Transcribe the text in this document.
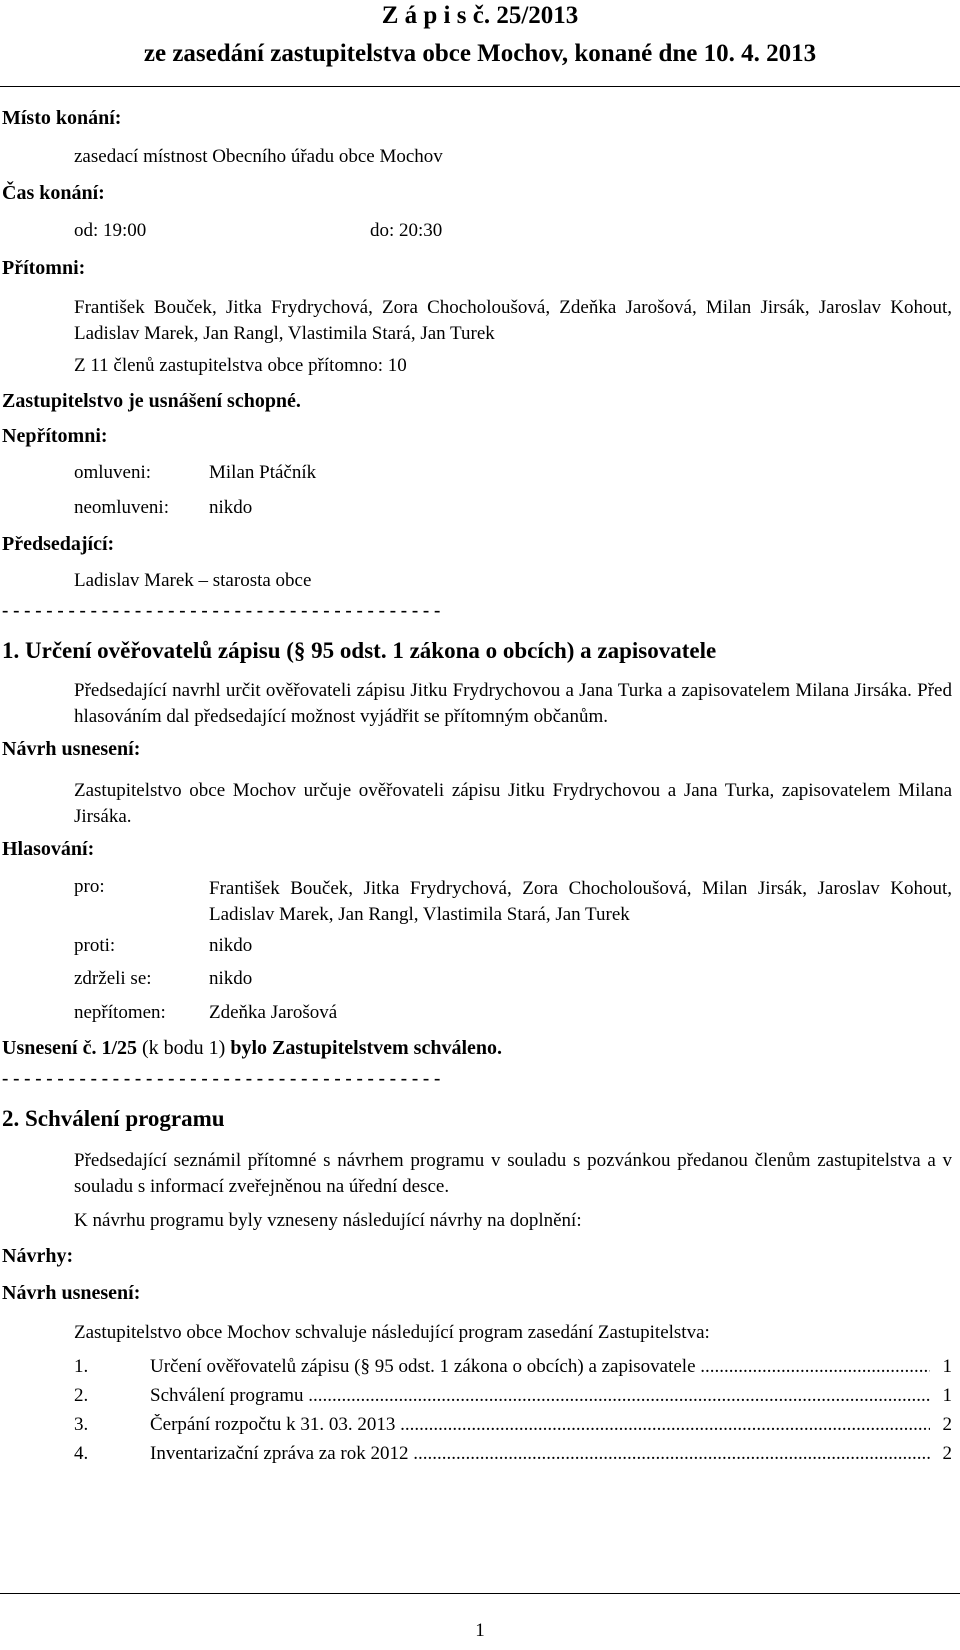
Z á p i s č. 25/2013
ze zasedání zastupitelstva obce Mochov, konané dne 10. 4. 2013
Místo konání:
zasedací místnost Obecního úřadu obce Mochov
Čas konání:
od: 19:00	do: 20:30
Přítomni:
František Bouček, Jitka Frydrychová, Zora Chocholoušová, Zdeňka Jarošová, Milan Jirsák, Jaroslav Kohout, Ladislav Marek, Jan Rangl, Vlastimila Stará, Jan Turek
Z 11 členů zastupitelstva obce přítomno: 10
Zastupitelstvo je usnášení schopné.
Nepřítomni:
omluveni:	Milan Ptáčník
neomluveni: nikdo
Předsedající:
Ladislav Marek – starosta obce
- - - - - - - - - - - - - - - - - - - - - - - - - - - - - - - - - - - - - - - -
1. Určení ověřovatelů zápisu (§ 95 odst. 1 zákona o obcích) a zapisovatele
Předsedající navrhl určit ověřovateli zápisu Jitku Frydrychovou a Jana Turka a zapisovatelem Milana Jirsáka. Před hlasováním dal předsedající možnost vyjádřit se přítomným občanům.
Návrh usnesení:
Zastupitelstvo obce Mochov určuje ověřovateli zápisu Jitku Frydrychovou a Jana Turka, zapisovatelem Milana Jirsáka.
Hlasování:
pro:	František Bouček, Jitka Frydrychová, Zora Chocholoušová, Milan Jirsák, Jaroslav Kohout, Ladislav Marek, Jan Rangl, Vlastimila Stará, Jan Turek
proti:	nikdo
zdrželi se:	nikdo
nepřítomen: Zdeňka Jarošová
Usnesení č. 1/25 (k bodu 1) bylo Zastupitelstvem schváleno.
- - - - - - - - - - - - - - - - - - - - - - - - - - - - - - - - - - - - - - - -
2. Schválení programu
Předsedající seznámil přítomné s návrhem programu v souladu s pozvánkou předanou členům zastupitelstva a v souladu s informací zveřejněnou na úřední desce.
K návrhu programu byly vzneseny následující návrhy na doplnění:
Návrhy:
Návrh usnesení:
Zastupitelstvo obce Mochov schvaluje následující program zasedání Zastupitelstva:
1.	Určení ověřovatelů zápisu (§ 95 odst. 1 zákona o obcích) a zapisovatele .....	1
2.	Schválení programu .....	1
3.	Čerpání rozpočtu k 31. 03. 2013 .....	2
4.	Inventarizační zpráva za rok 2012 .....	2
1
